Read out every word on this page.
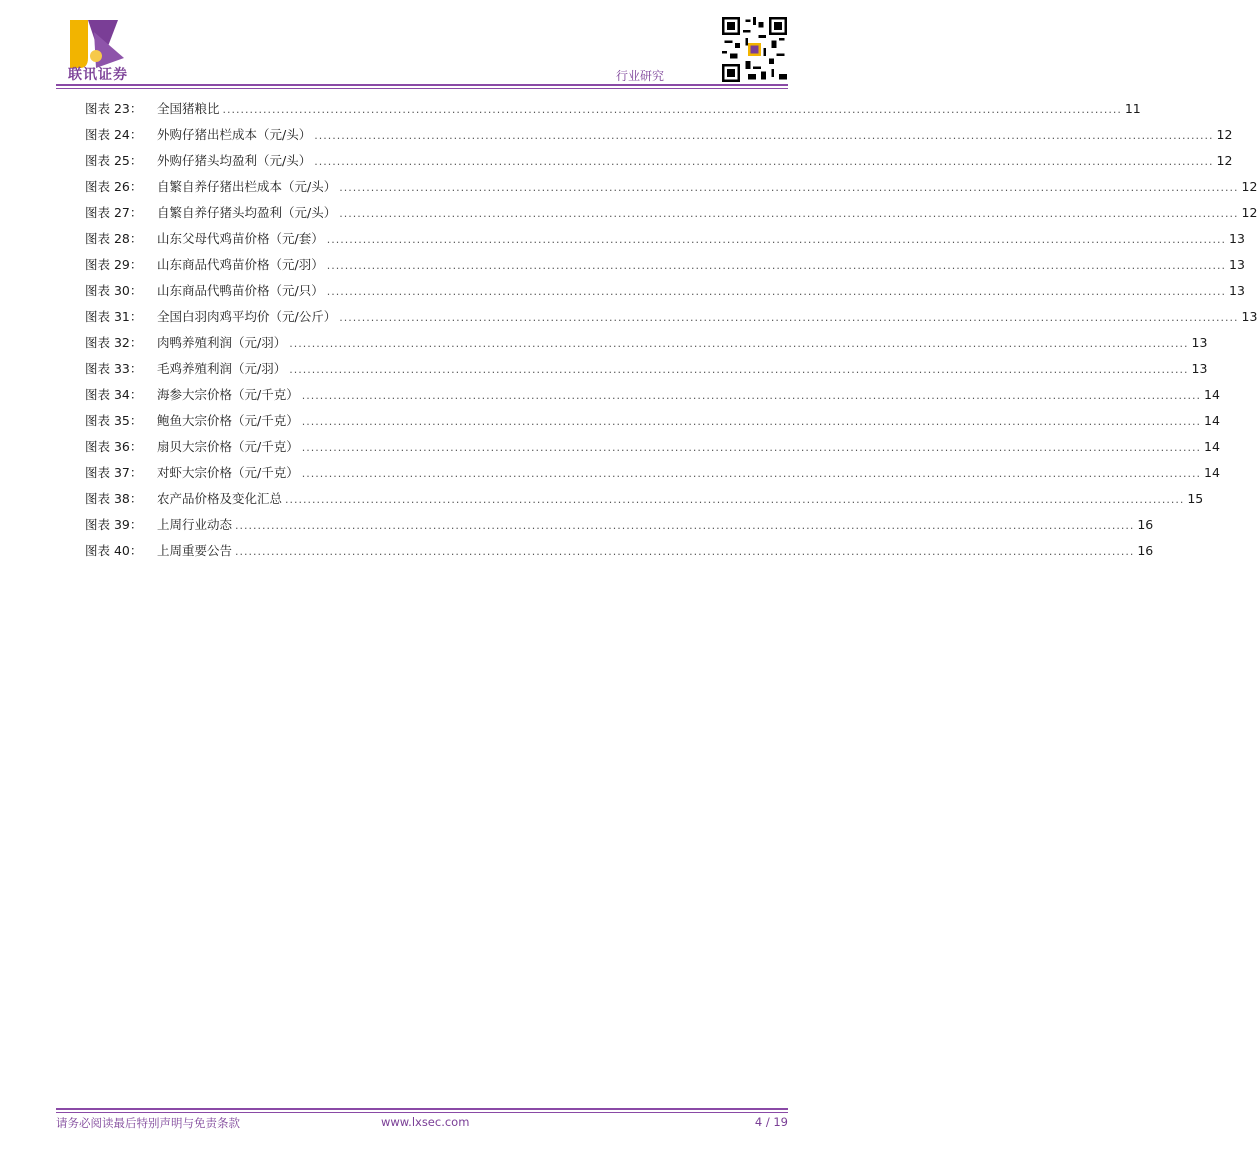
联讯证券	行业研究
图表 23：	全国猪粮比 ........................................................................................................................................................................................................ 11
图表 24：	外购仔猪出栏成本（元/头） ........................................................................................................................................................................................................ 12
图表 25：	外购仔猪头均盈利（元/头） ........................................................................................................................................................................................................ 12
图表 26：	自繁自养仔猪出栏成本（元/头） ........................................................................................................................................................................................................ 12
图表 27：	自繁自养仔猪头均盈利（元/头） ........................................................................................................................................................................................................ 12
图表 28：	山东父母代鸡苗价格（元/套） ........................................................................................................................................................................................................ 13
图表 29：	山东商品代鸡苗价格（元/羽） ........................................................................................................................................................................................................ 13
图表 30：	山东商品代鸭苗价格（元/只） ........................................................................................................................................................................................................ 13
图表 31：	全国白羽肉鸡平均价（元/公斤） ........................................................................................................................................................................................................ 13
图表 32：	肉鸭养殖利润（元/羽） ........................................................................................................................................................................................................ 13
图表 33：	毛鸡养殖利润（元/羽） ........................................................................................................................................................................................................ 13
图表 34：	海参大宗价格（元/千克） ........................................................................................................................................................................................................ 14
图表 35：	鲍鱼大宗价格（元/千克） ........................................................................................................................................................................................................ 14
图表 36：	扇贝大宗价格（元/千克） ........................................................................................................................................................................................................ 14
图表 37：	对虾大宗价格（元/千克） ........................................................................................................................................................................................................ 14
图表 38：	农产品价格及变化汇总 ........................................................................................................................................................................................................ 15
图表 39：	上周行业动态 ........................................................................................................................................................................................................ 16
图表 40：	上周重要公告 ........................................................................................................................................................................................................ 16
请务必阅读最后特别声明与免责条款	www.lxsec.com	4 / 19
